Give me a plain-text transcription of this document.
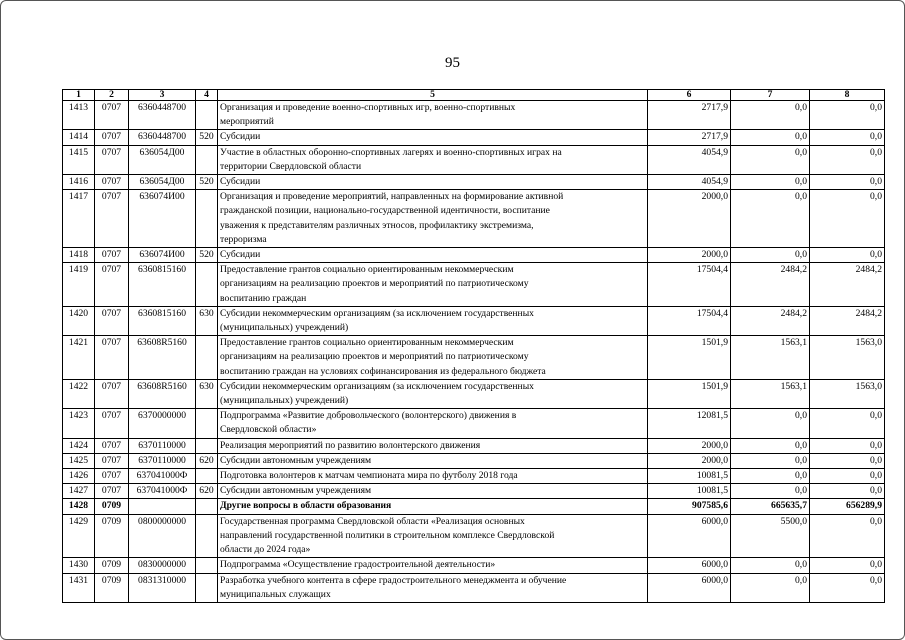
95
1	2	3	4	5	6	7	8
1413	0707	6360448700		Организация и проведение военно-спортивных игр, военно-спортивных
мероприятий	2717,9	0,0	0,0
1414	0707	6360448700	520	Субсидии	2717,9	0,0	0,0
1415	0707	636054Д00		Участие в областных оборонно-спортивных лагерях и военно-спортивных играх на
территории Свердловской области	4054,9	0,0	0,0
1416	0707	636054Д00	520	Субсидии	4054,9	0,0	0,0
1417	0707	636074И00		Организация и проведение мероприятий, направленных на формирование активной
гражданской позиции, национально-государственной идентичности, воспитание
уважения к представителям различных этносов, профилактику экстремизма,
терроризма	2000,0	0,0	0,0
1418	0707	636074И00	520	Субсидии	2000,0	0,0	0,0
1419	0707	6360815160		Предоставление грантов социально ориентированным некоммерческим
организациям на реализацию проектов и мероприятий по патриотическому
воспитанию граждан	17504,4	2484,2	2484,2
1420	0707	6360815160	630	Субсидии некоммерческим организациям (за исключением государственных
(муниципальных) учреждений)	17504,4	2484,2	2484,2
1421	0707	63608R5160		Предоставление грантов социально ориентированным некоммерческим
организациям на реализацию проектов и мероприятий по патриотическому
воспитанию граждан на условиях софинансирования из федерального бюджета	1501,9	1563,1	1563,0
1422	0707	63608R5160	630	Субсидии некоммерческим организациям (за исключением государственных
(муниципальных) учреждений)	1501,9	1563,1	1563,0
1423	0707	6370000000		Подпрограмма «Развитие добровольческого (волонтерского) движения в
Свердловской области»	12081,5	0,0	0,0
1424	0707	6370110000		Реализация мероприятий по развитию волонтерского движения	2000,0	0,0	0,0
1425	0707	6370110000	620	Субсидии автономным учреждениям	2000,0	0,0	0,0
1426	0707	637041000Ф		Подготовка волонтеров к матчам чемпионата мира по футболу 2018 года	10081,5	0,0	0,0
1427	0707	637041000Ф	620	Субсидии автономным учреждениям	10081,5	0,0	0,0
1428	0709			Другие вопросы в области образования	907585,6	665635,7	656289,9
1429	0709	0800000000		Государственная программа Свердловской области «Реализация основных
направлений государственной политики в строительном комплексе Свердловской
области до 2024 года»	6000,0	5500,0	0,0
1430	0709	0830000000		Подпрограмма «Осуществление градостроительной деятельности»	6000,0	0,0	0,0
1431	0709	0831310000		Разработка учебного контента в сфере градостроительного менеджмента и обучение
муниципальных служащих	6000,0	0,0	0,0
